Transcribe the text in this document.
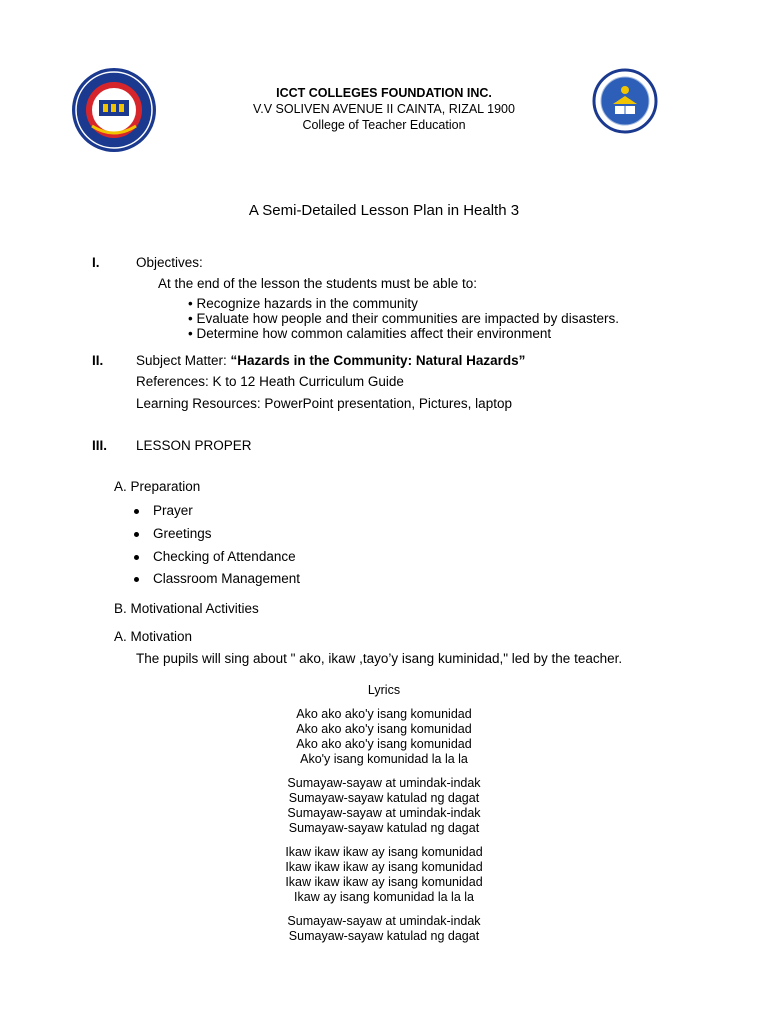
ICCT COLLEGES FOUNDATION INC.
V.V SOLIVEN AVENUE II CAINTA, RIZAL 1900
College of Teacher Education
A Semi-Detailed Lesson Plan in Health 3
I.	Objectives:
At the end of the lesson the students must be able to:
• Recognize hazards in the community
• Evaluate how people and their communities are impacted by disasters.
• Determine how common calamities affect their environment
II. Subject Matter: “Hazards in the Community: Natural Hazards”
References: K to 12 Heath Curriculum Guide
Learning Resources: PowerPoint presentation, Pictures, laptop
III. LESSON PROPER
A. Preparation
Prayer
Greetings
Checking of Attendance
Classroom Management
B. Motivational Activities
A. Motivation
The pupils will sing about " ako, ikaw ,tayo’y isang kuminidad," led by the teacher.
Lyrics
Ako ako ako'y isang komunidad
Ako ako ako'y isang komunidad
Ako ako ako'y isang komunidad
Ako'y isang komunidad la la la
Sumayaw-sayaw at umindak-indak
Sumayaw-sayaw katulad ng dagat
Sumayaw-sayaw at umindak-indak
Sumayaw-sayaw katulad ng dagat
Ikaw ikaw ikaw ay isang komunidad
Ikaw ikaw ikaw ay isang komunidad
Ikaw ikaw ikaw ay isang komunidad
Ikaw ay isang komunidad la la la
Sumayaw-sayaw at umindak-indak
Sumayaw-sayaw katulad ng dagat
